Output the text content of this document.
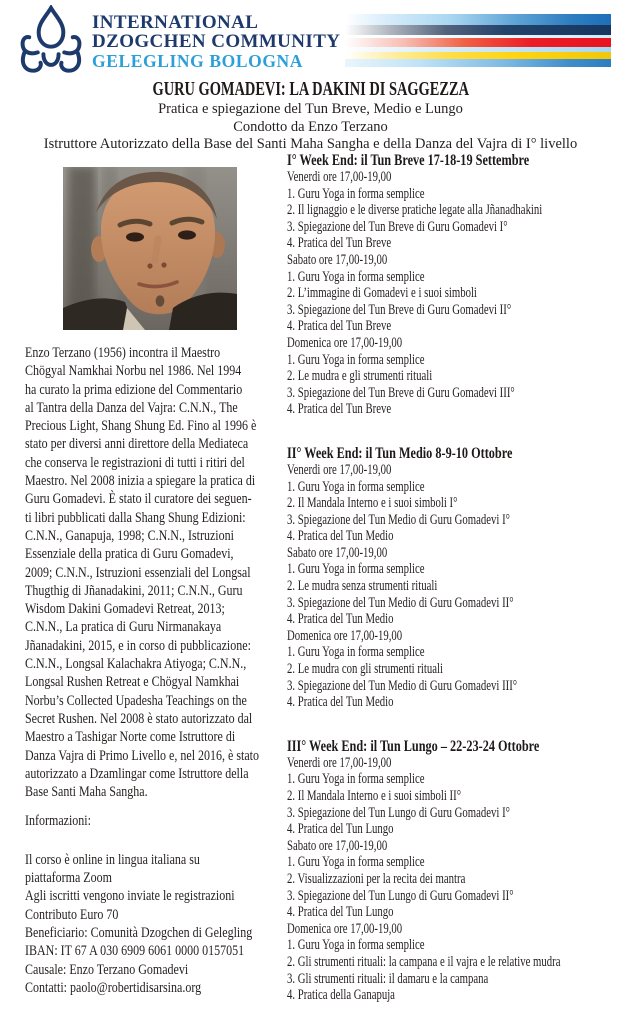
INTERNATIONAL
DZOGCHEN COMMUNITY
GELEGLING BOLOGNA
GURU GOMADEVI: LA DAKINI DI SAGGEZZA
Pratica e spiegazione del Tun Breve, Medio e Lungo
Condotto da Enzo Terzano
Istruttore Autorizzato della Base del Santi Maha Sangha e della Danza del Vajra di I° livello
Enzo Terzano (1956) incontra il Maestro
Chögyal Namkhai Norbu nel 1986. Nel 1994
ha curato la prima edizione del Commentario
al Tantra della Danza del Vajra: C.N.N., The
Precious Light, Shang Shung Ed. Fino al 1996 è
stato per diversi anni direttore della Mediateca
che conserva le registrazioni di tutti i ritiri del
Maestro. Nel 2008 inizia a spiegare la pratica di
Guru Gomadevi. È stato il curatore dei seguen-
ti libri pubblicati dalla Shang Shung Edizioni:
C.N.N., Ganapuja, 1998; C.N.N., Istruzioni
Essenziale della pratica di Guru Gomadevi,
2009; C.N.N., Istruzioni essenziali del Longsal
Thugthig di Jñanadakini, 2011; C.N.N., Guru
Wisdom Dakini Gomadevi Retreat, 2013;
C.N.N., La pratica di Guru Nirmanakaya
Jñanadakini, 2015, e in corso di pubblicazione:
C.N.N., Longsal Kalachakra Atiyoga; C.N.N.,
Longsal Rushen Retreat e Chögyal Namkhai
Norbu’s Collected Upadesha Teachings on the
Secret Rushen. Nel 2008 è stato autorizzato dal
Maestro a Tashigar Norte come Istruttore di
Danza Vajra di Primo Livello e, nel 2016, è stato
autorizzato a Dzamlingar come Istruttore della
Base Santi Maha Sangha.
Informazioni:
Il corso è online in lingua italiana su
piattaforma Zoom
Agli iscritti vengono inviate le registrazioni
Contributo Euro 70
Beneficiario: Comunità Dzogchen di Gelegling
IBAN: IT 67 A 030 6909 6061 0000 0157051
Causale: Enzo Terzano Gomadevi
Contatti: paolo@robertidisarsina.org
I° Week End: il Tun Breve 17-18-19 Settembre
Venerdi ore 17,00-19,00
1. Guru Yoga in forma semplice
2. Il lignaggio e le diverse pratiche legate alla Jñanadhakini
3. Spiegazione del Tun Breve di Guru Gomadevi I°
4. Pratica del Tun Breve
Sabato ore 17,00-19,00
1. Guru Yoga in forma semplice
2. L’immagine di Gomadevi e i suoi simboli
3. Spiegazione del Tun Breve di Guru Gomadevi II°
4. Pratica del Tun Breve
Domenica ore 17,00-19,00
1. Guru Yoga in forma semplice
2. Le mudra e gli strumenti rituali
3. Spiegazione del Tun Breve di Guru Gomadevi III°
4. Pratica del Tun Breve
II° Week End: il Tun Medio 8-9-10 Ottobre
Venerdi ore 17,00-19,00
1. Guru Yoga in forma semplice
2. Il Mandala Interno e i suoi simboli I°
3. Spiegazione del Tun Medio di Guru Gomadevi I°
4. Pratica del Tun Medio
Sabato ore 17,00-19,00
1. Guru Yoga in forma semplice
2. Le mudra senza strumenti rituali
3. Spiegazione del Tun Medio di Guru Gomadevi II°
4. Pratica del Tun Medio
Domenica ore 17,00-19,00
1. Guru Yoga in forma semplice
2. Le mudra con gli strumenti rituali
3. Spiegazione del Tun Medio di Guru Gomadevi III°
4. Pratica del Tun Medio
III° Week End: il Tun Lungo – 22-23-24 Ottobre
Venerdi ore 17,00-19,00
1. Guru Yoga in forma semplice
2. Il Mandala Interno e i suoi simboli II°
3. Spiegazione del Tun Lungo di Guru Gomadevi I°
4. Pratica del Tun Lungo
Sabato ore 17,00-19,00
1. Guru Yoga in forma semplice
2. Visualizzazioni per la recita dei mantra
3. Spiegazione del Tun Lungo di Guru Gomadevi II°
4. Pratica del Tun Lungo
Domenica ore 17,00-19,00
1. Guru Yoga in forma semplice
2. Gli strumenti rituali: la campana e il vajra e le relative mudra
3. Gli strumenti rituali: il damaru e la campana
4. Pratica della Ganapuja
